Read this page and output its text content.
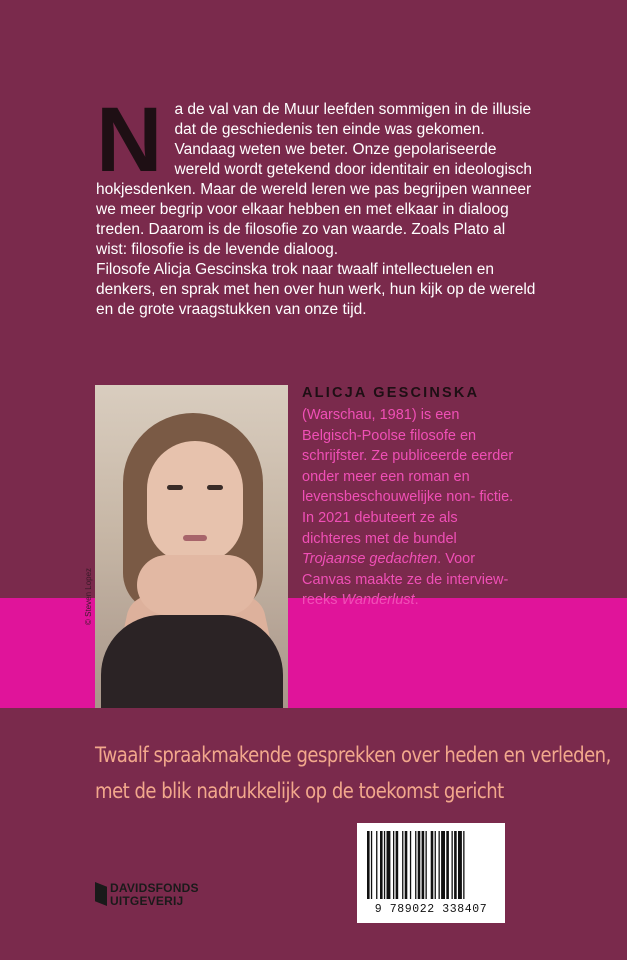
N a de val van de Muur leefden sommigen in de illusie dat de geschiedenis ten einde was gekomen. Vandaag weten we beter. Onze gepolariseerde wereld wordt getekend door identitair en ideologisch hokjesdenken. Maar de wereld leren we pas begrijpen wanneer we meer begrip voor elkaar hebben en met elkaar in dialoog treden. Daarom is de filosofie zo van waarde. Zoals Plato al wist: filosofie is de levende dialoog.

Filosofe Alicja Gescinska trok naar twaalf intellectuelen en denkers, en sprak met hen over hun werk, hun kijk op de wereld en de grote vraagstukken van onze tijd.

© Steven Lopez
ALICJA GESCINSKA

(Warschau, 1981) is een Belgisch-Poolse filosofe en schrijfster. Ze publiceerde eerder onder meer een roman en levensbeschouwelijke non- fictie. In 2021 debuteert ze als dichteres met de bundel Trojaanse gedachten. Voor Canvas maakte ze de interview-reeks Wanderlust.

Twaalf spraakmakende gesprekken over heden en verleden,
met de blik nadrukkelijk op de toekomst gericht
DAVIDSFONDS
UITGEVERIJ
9 789022 338407
